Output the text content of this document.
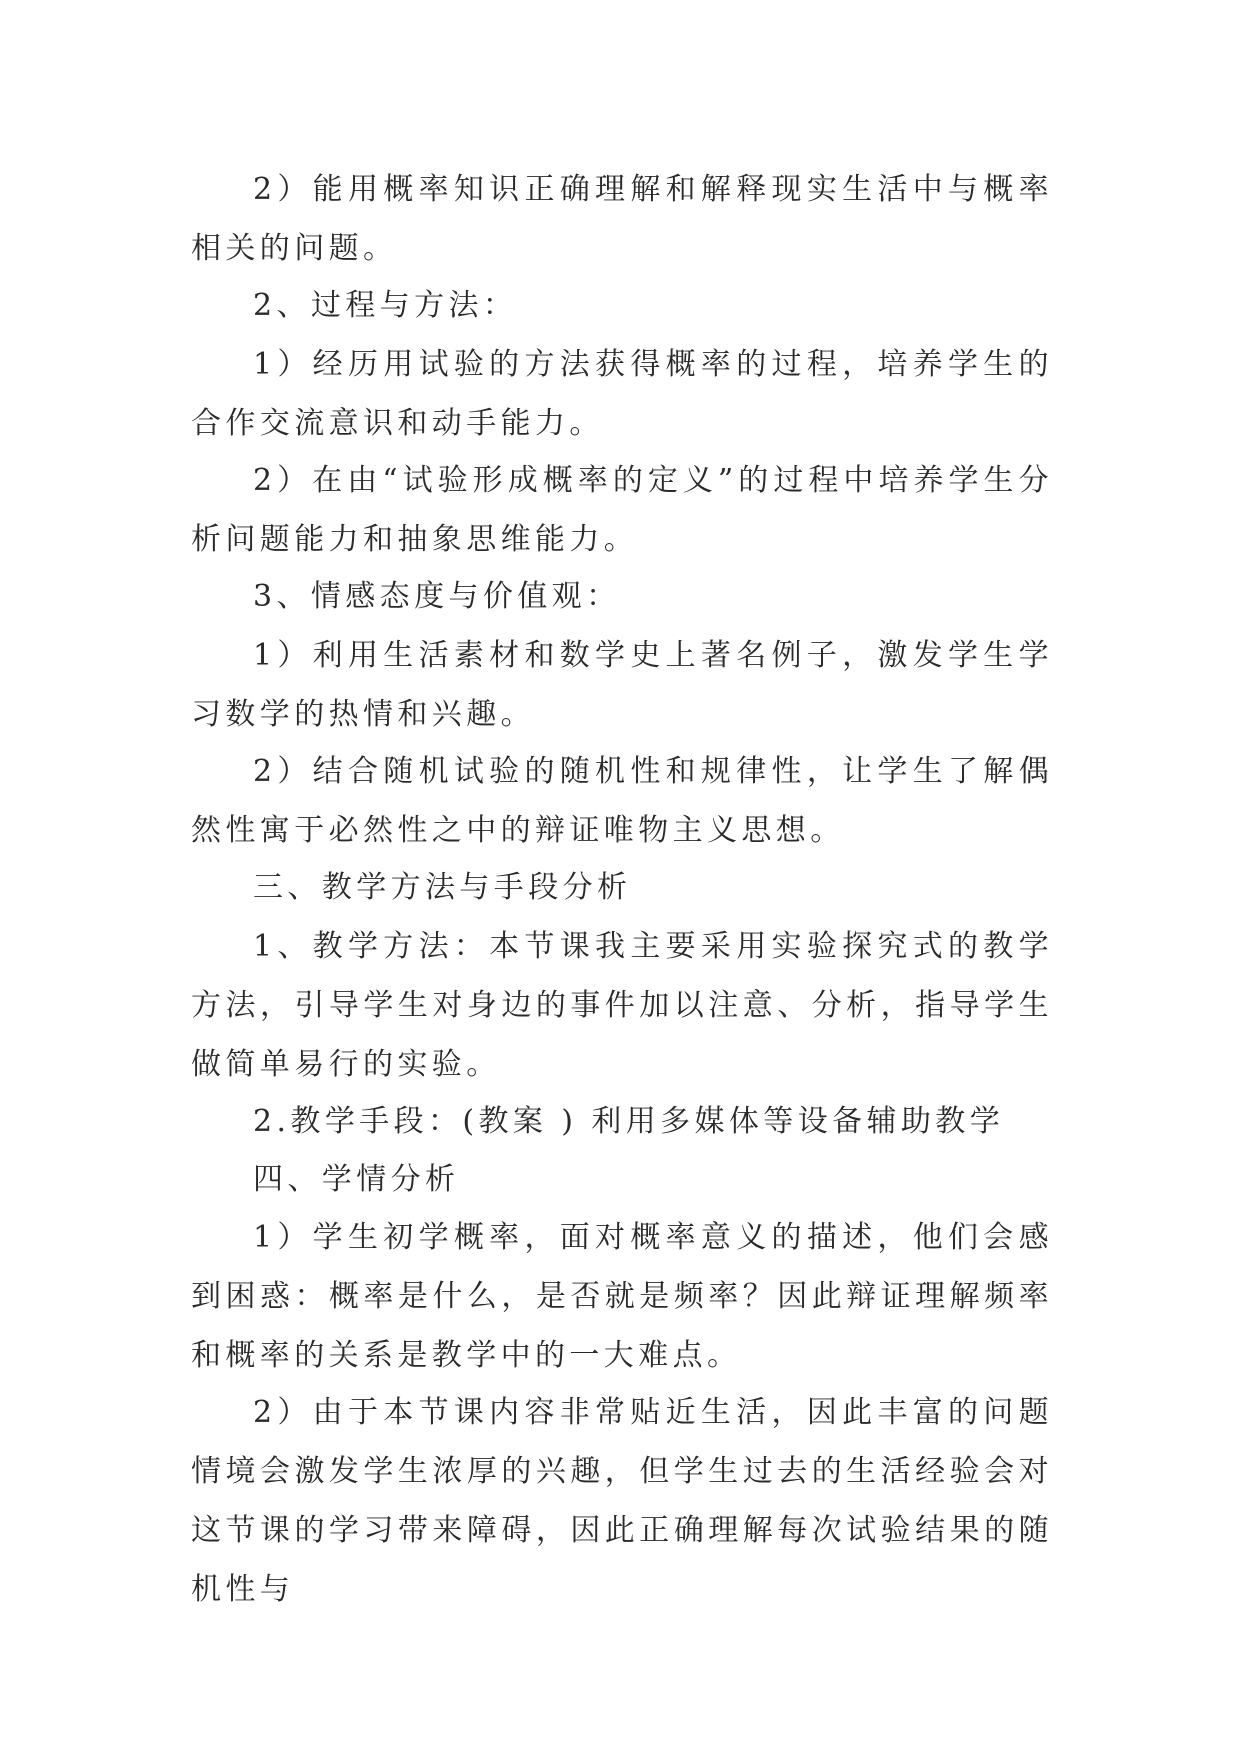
2）能用概率知识正确理解和解释现实生活中与概率相关的问题。

2、过程与方法：

1）经历用试验的方法获得概率的过程，培养学生的合作交流意识和动手能力。

2）在由“试验形成概率的定义”的过程中培养学生分析问题能力和抽象思维能力。

3、情感态度与价值观：

1）利用生活素材和数学史上著名例子，激发学生学习数学的热情和兴趣。

2）结合随机试验的随机性和规律性，让学生了解偶然性寓于必然性之中的辩证唯物主义思想。

三、教学方法与手段分析

1、教学方法：本节课我主要采用实验探究式的教学方法，引导学生对身边的事件加以注意、分析，指导学生做简单易行的实验。

2.教学手段：(教案 ) 利用多媒体等设备辅助教学

四、学情分析

1）学生初学概率，面对概率意义的描述，他们会感到困惑：概率是什么，是否就是频率？因此辩证理解频率和概率的关系是教学中的一大难点。

2）由于本节课内容非常贴近生活，因此丰富的问题情境会激发学生浓厚的兴趣，但学生过去的生活经验会对这节课的学习带来障碍，因此正确理解每次试验结果的随机性与
